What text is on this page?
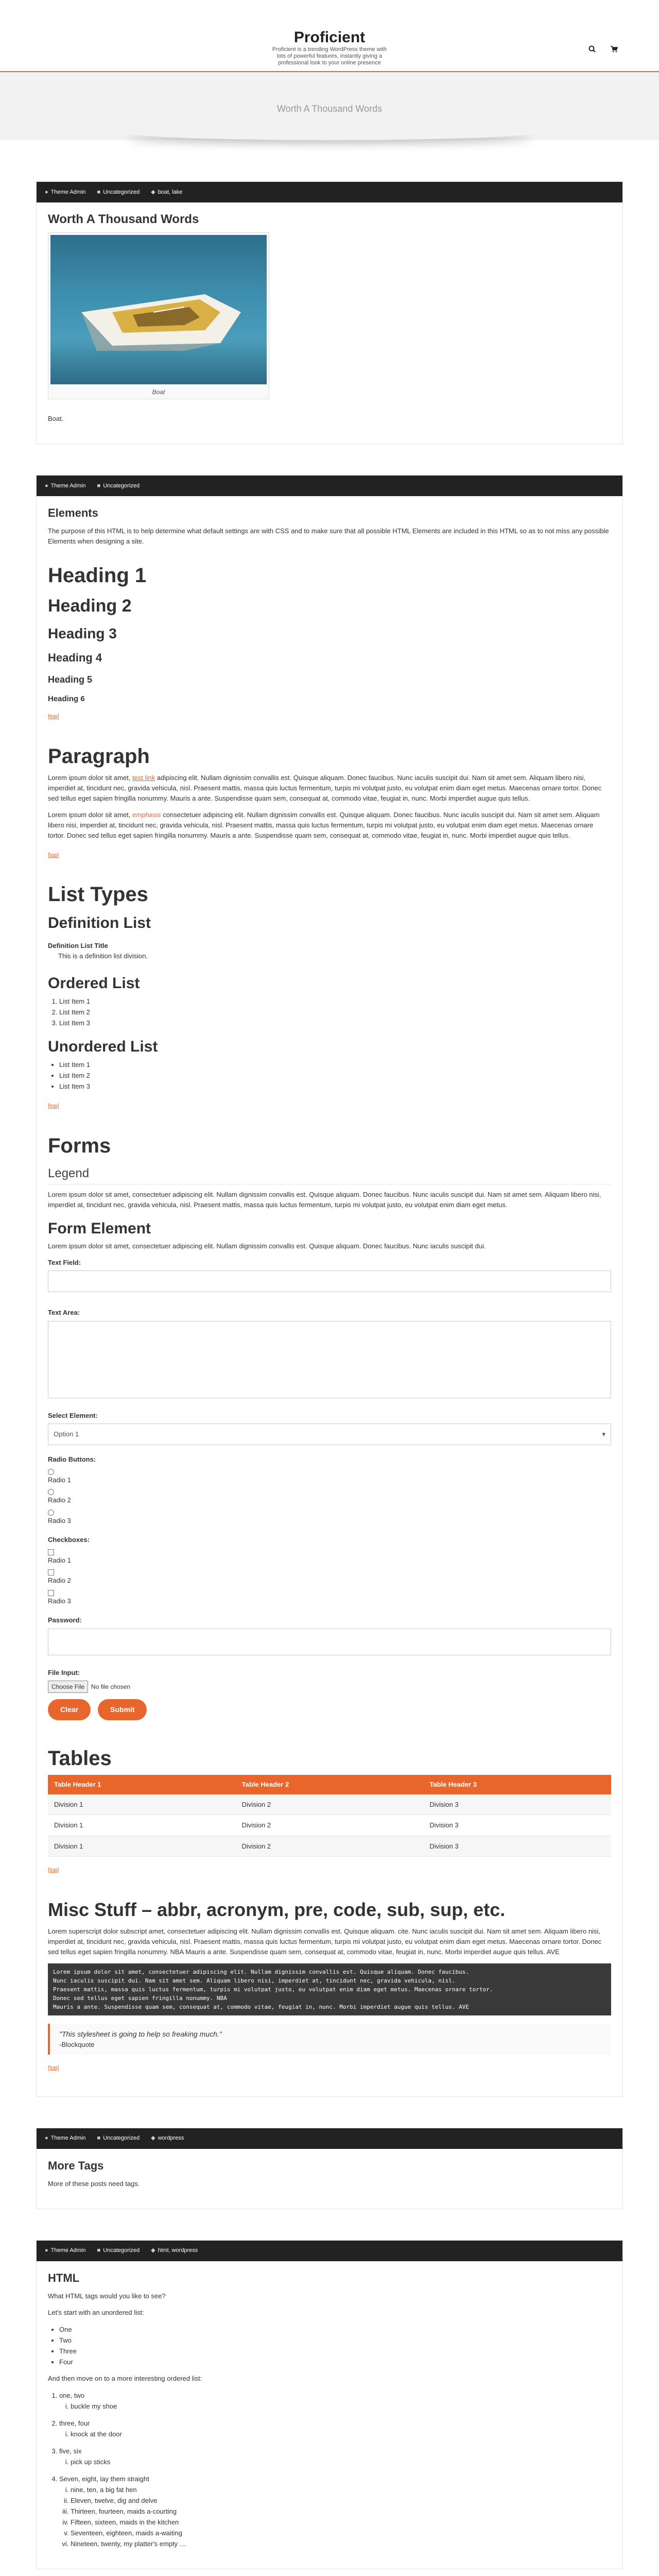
Proficient
Proficient is a trending WordPress theme with lots of powerful features, instantly giving a professional look to your online presence
Worth A Thousand Words
● Theme Admin ■ Uncategorized ◆ boat, lake
Worth A Thousand Words
Boat

Boat.

● Theme Admin ■ Uncategorized
Elements

The purpose of this HTML is to help determine what default settings are with CSS and to make sure that all possible HTML Elements are included in this HTML so as to not miss any possible Elements when designing a site.

Heading 1
Heading 2
Heading 3
Heading 4
Heading 5
Heading 6
[top]
Paragraph

Lorem ipsum dolor sit amet, test link adipiscing elit. Nullam dignissim convallis est. Quisque aliquam. Donec faucibus. Nunc iaculis suscipit dui. Nam sit amet sem. Aliquam libero nisi, imperdiet at, tincidunt nec, gravida vehicula, nisl. Praesent mattis, massa quis luctus fermentum, turpis mi volutpat justo, eu volutpat enim diam eget metus. Maecenas ornare tortor. Donec sed tellus eget sapien fringilla nonummy. Mauris a ante. Suspendisse quam sem, consequat at, commodo vitae, feugiat in, nunc. Morbi imperdiet augue quis tellus.

Lorem ipsum dolor sit amet, emphasis consectetuer adipiscing elit. Nullam dignissim convallis est. Quisque aliquam. Donec faucibus. Nunc iaculis suscipit dui. Nam sit amet sem. Aliquam libero nisi, imperdiet at, tincidunt nec, gravida vehicula, nisl. Praesent mattis, massa quis luctus fermentum, turpis mi volutpat justo, eu volutpat enim diam eget metus. Maecenas ornare tortor. Donec sed tellus eget sapien fringilla nonummy. Mauris a ante. Suspendisse quam sem, consequat at, commodo vitae, feugiat in, nunc. Morbi imperdiet augue quis tellus.

[top]
List Types
Definition List
Definition List Title
This is a definition list division.
Ordered List
1. List Item 1
2. List Item 2
3. List Item 3
Unordered List
• List Item 1
• List Item 2
• List Item 3
[top]
Forms
Legend

Lorem ipsum dolor sit amet, consectetuer adipiscing elit. Nullam dignissim convallis est. Quisque aliquam. Donec faucibus. Nunc iaculis suscipit dui. Nam sit amet sem. Aliquam libero nisi, imperdiet at, tincidunt nec, gravida vehicula, nisl. Praesent mattis, massa quis luctus fermentum, turpis mi volutpat justo, eu volutpat enim diam eget metus.

Form Element

Lorem ipsum dolor sit amet, consectetuer adipiscing elit. Nullam dignissim convallis est. Quisque aliquam. Donec faucibus. Nunc iaculis suscipit dui.

Text Field:
Text Area:
Select Element:
Option 1	▾
Radio Buttons:
Radio 1
Radio 2
Radio 3
Checkboxes:
Radio 1
Radio 2
Radio 3
Password:
File Input:
Choose File	No file chosen
Clear	Submit
Tables
Table Header 1	Table Header 2	Table Header 3
Division 1	Division 2	Division 3
Division 1	Division 2	Division 3
Division 1	Division 2	Division 3
[top]
Misc Stuff – abbr, acronym, pre, code, sub, sup, etc.

Lorem superscript dolor subscript amet, consectetuer adipiscing elit. Nullam dignissim convallis est. Quisque aliquam. cite. Nunc iaculis suscipit dui. Nam sit amet sem. Aliquam libero nisi, imperdiet at, tincidunt nec, gravida vehicula, nisl. Praesent mattis, massa quis luctus fermentum, turpis mi volutpat justo, eu volutpat enim diam eget metus. Maecenas ornare tortor. Donec sed tellus eget sapien fringilla nonummy. NBA Mauris a ante. Suspendisse quam sem, consequat at, commodo vitae, feugiat in, nunc. Morbi imperdiet augue quis tellus. AVE

Lorem ipsum dolor sit amet, consectetuer adipiscing elit. Nullam dignissim convallis est. Quisque aliquam. Donec faucibus.
Nunc iaculis suscipit dui. Nam sit amet sem. Aliquam libero nisi, imperdiet at, tincidunt nec, gravida vehicula, nisl.
Praesent mattis, massa quis luctus fermentum, turpis mi volutpat justo, eu volutpat enim diam eget metus. Maecenas ornare tortor.
Donec sed tellus eget sapien fringilla nonummy. NBA
Mauris a ante. Suspendisse quam sem, consequat at, commodo vitae, feugiat in, nunc. Morbi imperdiet augue quis tellus. AVE
"This stylesheet is going to help so freaking much."
-Blockquote
[top]
● Theme Admin ■ Uncategorized ◆ wordpress
More Tags

More of these posts need tags.

● Theme Admin ■ Uncategorized ◆ html, wordpress
HTML

What HTML tags would you like to see?

Let's start with an unordered list:

• One
• Two
• Three
• Four

And then move on to a more interesting ordered list:

1. one, two
i. buckle my shoe
2. three, four
i. knock at the door
3. five, six
i. pick up sticks
4. Seven, eight, lay them straight
i. nine, ten, a big fat hen
ii. Eleven, twelve, dig and delve
iii. Thirteen, fourteen, maids a-courting
iv. Fifteen, sixteen, maids in the kitchen
v. Seventeen, eighteen, maids a-waiting
vi. Nineteen, twenty, my platter's empty …
